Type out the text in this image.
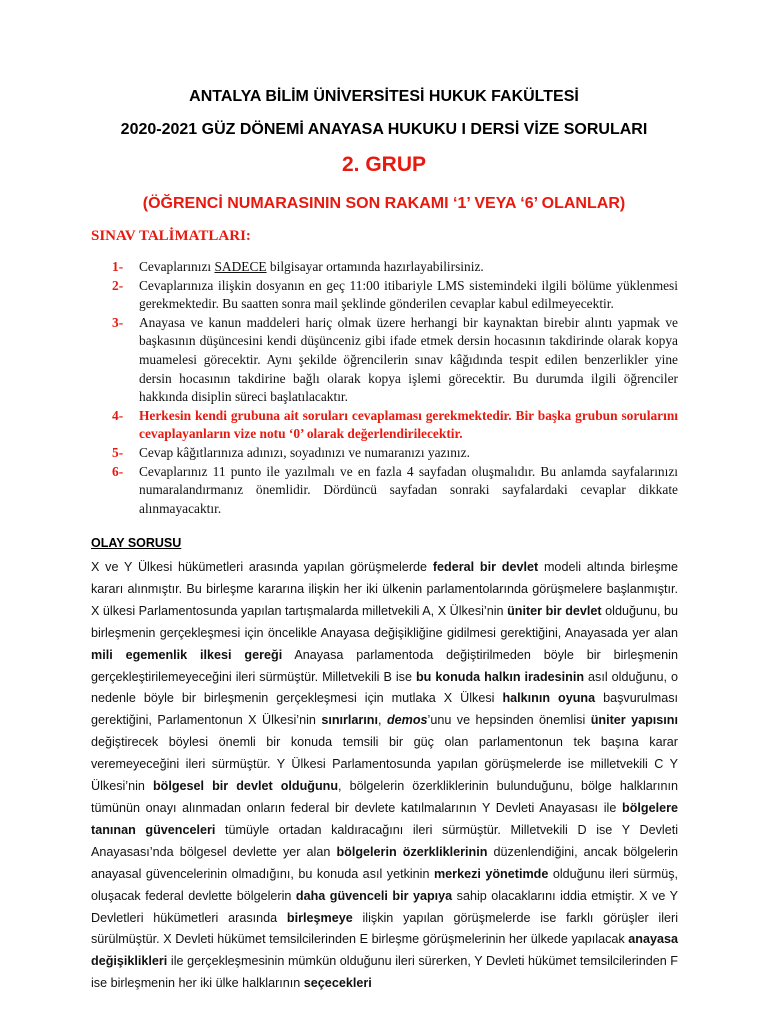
ANTALYA BİLİM ÜNİVERSİTESİ HUKUK FAKÜLTESİ
2020-2021 GÜZ DÖNEMİ ANAYASA HUKUKU I DERSİ VİZE SORULARI
2. GRUP
(ÖĞRENCİ NUMARASININ SON RAKAMI ‘1’ VEYA ‘6’ OLANLAR)
SINAV TALİMATLARI:
1- Cevaplarınızı SADECE bilgisayar ortamında hazırlayabilirsiniz.
2- Cevaplarınıza ilişkin dosyanın en geç 11:00 itibariyle LMS sistemindeki ilgili bölüme yüklenmesi gerekmektedir. Bu saatten sonra mail şeklinde gönderilen cevaplar kabul edilmeyecektir.
3- Anayasa ve kanun maddeleri hariç olmak üzere herhangi bir kaynaktan birebir alıntı yapmak ve başkasının düşüncesini kendi düşünceniz gibi ifade etmek dersin hocasının takdirinde olarak kopya muamelesi görecektir. Aynı şekilde öğrencilerin sınav kâğıdında tespit edilen benzerlikler yine dersin hocasının takdirine bağlı olarak kopya işlemi görecektir. Bu durumda ilgili öğrenciler hakkında disiplin süreci başlatılacaktır.
4- Herkesin kendi grubuna ait soruları cevaplaması gerekmektedir. Bir başka grubun sorularını cevaplayanların vize notu ‘0’ olarak değerlendirilecektir.
5- Cevap kâğıtlarınıza adınızı, soyadınızı ve numaranızı yazınız.
6- Cevaplarınız 11 punto ile yazılmalı ve en fazla 4 sayfadan oluşmalıdır. Bu anlamda sayfalarınızı numaralandırmanız önemlidir. Dördüncü sayfadan sonraki sayfalardaki cevaplar dikkate alınmayacaktır.
OLAY SORUSU
X ve Y Ülkesi hükümetleri arasında yapılan görüşmelerde federal bir devlet modeli altında birleşme kararı alınmıştır. Bu birleşme kararına ilişkin her iki ülkenin parlamentolarında görüşmelere başlanmıştır. X ülkesi Parlamentosunda yapılan tartışmalarda milletvekili A, X Ülkesi’nin üniter bir devlet olduğunu, bu birleşmenin gerçekleşmesi için öncelikle Anayasa değişikliğine gidilmesi gerektiğini, Anayasada yer alan mili egemenlik ilkesi gereği Anayasa parlamentoda değiştirilmeden böyle bir birleşmenin gerçekleştirilemeyeceğini ileri sürmüştür. Milletvekili B ise bu konuda halkın iradesinin asıl olduğunu, o nedenle böyle bir birleşmenin gerçekleşmesi için mutlaka X Ülkesi halkının oyuna başvurulması gerektiğini, Parlamentonun X Ülkesi’nin sınırlarını, demos’unu ve hepsinden önemlisi üniter yapısını değiştirecek böylesi önemli bir konuda temsili bir güç olan parlamentonun tek başına karar veremeyeceğini ileri sürmüştür. Y Ülkesi Parlamentosunda yapılan görüşmelerde ise milletvekili C Y Ülkesi’nin bölgesel bir devlet olduğunu, bölgelerin özerkliklerinin bulunduğunu, bölge halklarının tümünün onayı alınmadan onların federal bir devlete katılmalarının Y Devleti Anayasası ile bölgelere tanınan güvenceleri tümüyle ortadan kaldıracağını ileri sürmüştür. Milletvekili D ise Y Devleti Anayasası’nda bölgesel devlette yer alan bölgelerin özerkliklerinin düzenlendiğini, ancak bölgelerin anayasal güvencelerinin olmadığını, bu konuda asıl yetkinin merkezi yönetimde olduğunu ileri sürmüş, oluşacak federal devlette bölgelerin daha güvenceli bir yapıya sahip olacaklarını iddia etmiştir. X ve Y Devletleri hükümetleri arasında birleşmeye ilişkin yapılan görüşmelerde ise farklı görüşler ileri sürülmüştür. X Devleti hükümet temsilcilerinden E birleşme görüşmelerinin her ülkede yapılacak anayasa değişiklikleri ile gerçekleşmesinin mümkün olduğunu ileri sürerken, Y Devleti hükümet temsilcilerinden F ise birleşmenin her iki ülke halklarının seçecekleri
